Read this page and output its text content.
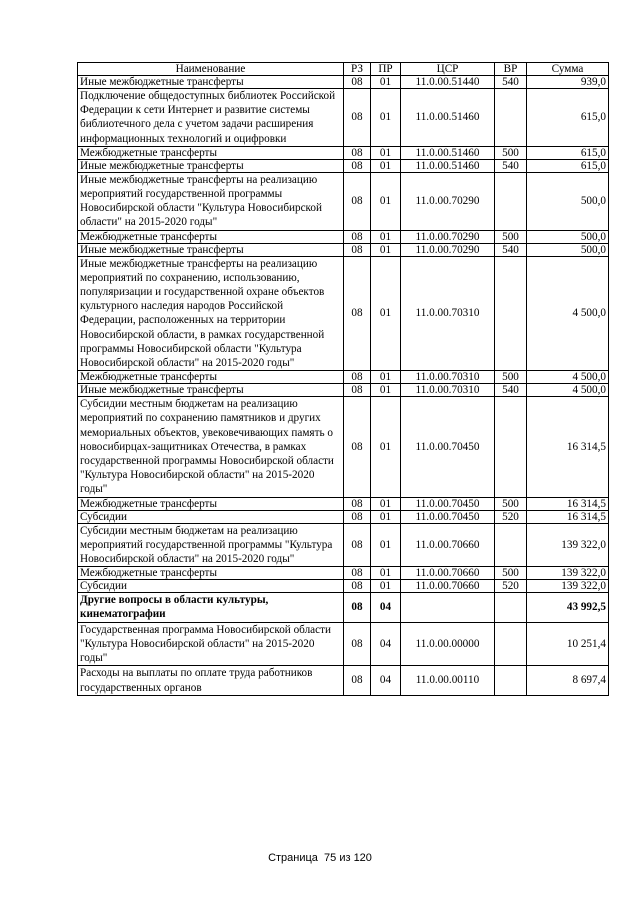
Наименование	РЗ	ПР	ЦСР	ВР	Сумма
Иные межбюджетные трансферты	08	01	11.0.00.51440	540	939,0
Подключение общедоступных библиотек Российской Федерации к сети Интернет и развитие системы библиотечного дела с учетом задачи расширения информационных технологий и оцифровки	08	01	11.0.00.51460		615,0
Межбюджетные трансферты	08	01	11.0.00.51460	500	615,0
Иные межбюджетные трансферты	08	01	11.0.00.51460	540	615,0
Иные межбюджетные трансферты на реализацию мероприятий государственной программы Новосибирской области "Культура Новосибирской области" на 2015-2020 годы"	08	01	11.0.00.70290		500,0
Межбюджетные трансферты	08	01	11.0.00.70290	500	500,0
Иные межбюджетные трансферты	08	01	11.0.00.70290	540	500,0
Иные межбюджетные трансферты на реализацию мероприятий по сохранению, использованию, популяризации и государственной охране объектов культурного наследия народов Российской Федерации, расположенных на территории Новосибирской области, в рамках государственной программы Новосибирской области "Культура Новосибирской области" на 2015-2020 годы"	08	01	11.0.00.70310		4 500,0
Межбюджетные трансферты	08	01	11.0.00.70310	500	4 500,0
Иные межбюджетные трансферты	08	01	11.0.00.70310	540	4 500,0
Субсидии местным бюджетам на реализацию мероприятий по сохранению памятников и других мемориальных объектов, увековечивающих память о новосибирцах-защитниках Отечества, в рамках государственной программы Новосибирской области "Культура Новосибирской области" на 2015-2020 годы"	08	01	11.0.00.70450		16 314,5
Межбюджетные трансферты	08	01	11.0.00.70450	500	16 314,5
Субсидии	08	01	11.0.00.70450	520	16 314,5
Субсидии местным бюджетам на реализацию мероприятий государственной программы "Культура Новосибирской области" на 2015-2020 годы"	08	01	11.0.00.70660		139 322,0
Межбюджетные трансферты	08	01	11.0.00.70660	500	139 322,0
Субсидии	08	01	11.0.00.70660	520	139 322,0
Другие вопросы в области культуры, кинематографии	08	04			43 992,5
Государственная программа Новосибирской области "Культура Новосибирской области" на 2015-2020 годы"	08	04	11.0.00.00000		10 251,4
Расходы на выплаты по оплате труда работников государственных органов	08	04	11.0.00.00110		8 697,4
Страница  75 из 120
